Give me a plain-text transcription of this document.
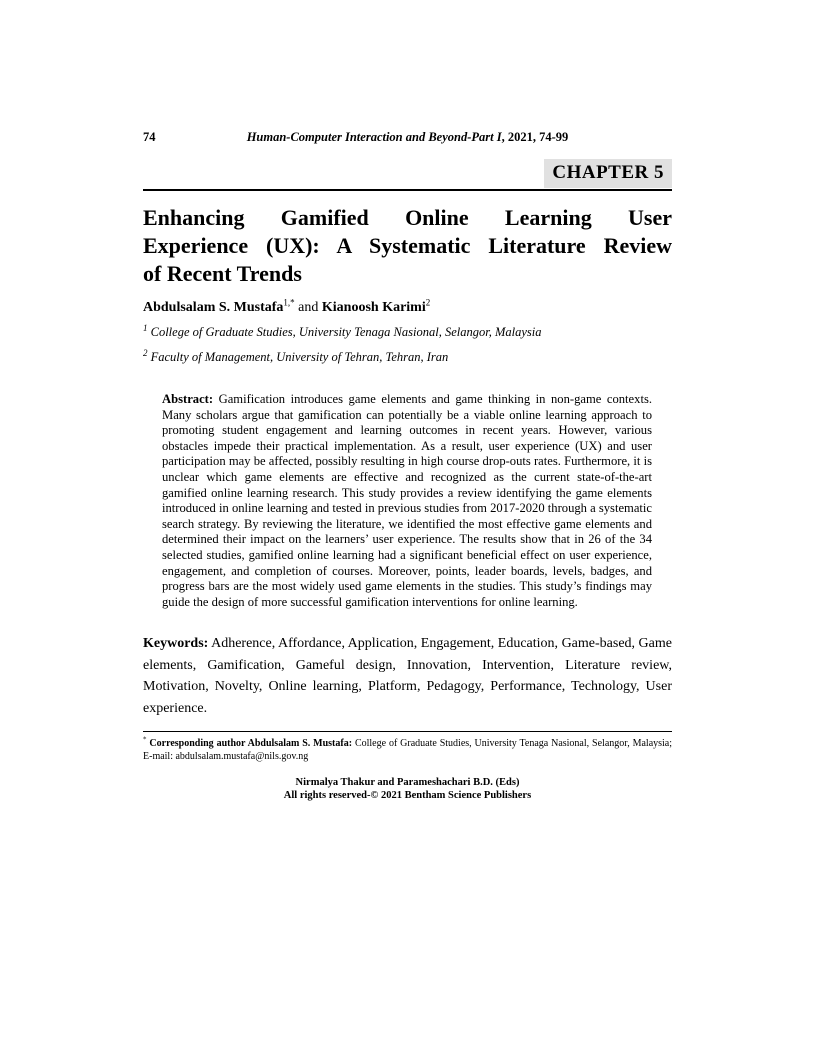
74	Human-Computer Interaction and Beyond-Part I, 2021, 74-99
CHAPTER 5
Enhancing Gamified Online Learning User
Experience (UX): A Systematic Literature Review
of Recent Trends

Abdulsalam S. Mustafa$^{1,*}$ and Kianoosh Karimi$^2$

$^1$ College of Graduate Studies, University Tenaga Nasional, Selangor, Malaysia

$^2$ Faculty of Management, University of Tehran, Tehran, Iran

Abstract: Gamification introduces game elements and game thinking in non-game contexts. Many scholars argue that gamification can potentially be a viable online learning approach to promoting student engagement and learning outcomes in recent years. However, various obstacles impede their practical implementation. As a result, user experience (UX) and user participation may be affected, possibly resulting in high course drop-outs rates. Furthermore, it is unclear which game elements are effective and recognized as the current state-of-the-art gamified online learning research. This study provides a review identifying the game elements introduced in online learning and tested in previous studies from 2017-2020 through a systematic search strategy. By reviewing the literature, we identified the most effective game elements and determined their impact on the learners’ user experience. The results show that in 26 of the 34 selected studies, gamified online learning had a significant beneficial effect on user experience, engagement, and completion of courses. Moreover, points, leader boards, levels, badges, and progress bars are the most widely used game elements in the studies. This study’s findings may guide the design of more successful gamification interventions for online learning.

Keywords: Adherence, Affordance, Application, Engagement, Education, Game-based, Game elements, Gamification, Gameful design, Innovation, Intervention, Literature review, Motivation, Novelty, Online learning, Platform, Pedagogy, Performance, Technology, User experience.

* Corresponding author Abdulsalam S. Mustafa: College of Graduate Studies, University Tenaga Nasional, Selangor, Malaysia; E-mail: abdulsalam.mustafa@nils.gov.ng

Nirmalya Thakur and Parameshachari B.D. (Eds)
All rights reserved-© 2021 Bentham Science Publishers
